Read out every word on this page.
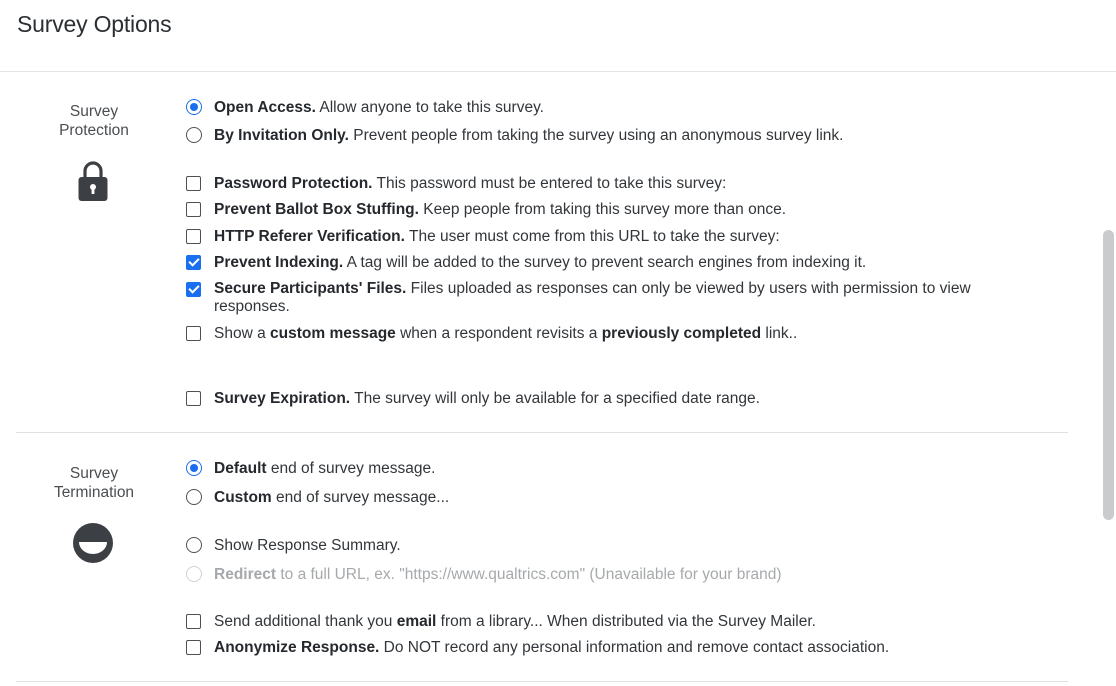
Survey Options
Survey
Protection
Open Access. Allow anyone to take this survey.
By Invitation Only. Prevent people from taking the survey using an anonymous survey link.
Password Protection. This password must be entered to take this survey:
Prevent Ballot Box Stuffing. Keep people from taking this survey more than once.
HTTP Referer Verification. The user must come from this URL to take the survey:
Prevent Indexing. A tag will be added to the survey to prevent search engines from indexing it.
Secure Participants' Files. Files uploaded as responses can only be viewed by users with permission to view responses.
Show a custom message when a respondent revisits a previously completed link..
Survey Expiration. The survey will only be available for a specified date range.
Survey
Termination
Default end of survey message.
Custom end of survey message...
Show Response Summary.
Redirect to a full URL, ex. "https://www.qualtrics.com" (Unavailable for your brand)
Send additional thank you email from a library... When distributed via the Survey Mailer.
Anonymize Response. Do NOT record any personal information and remove contact association.
